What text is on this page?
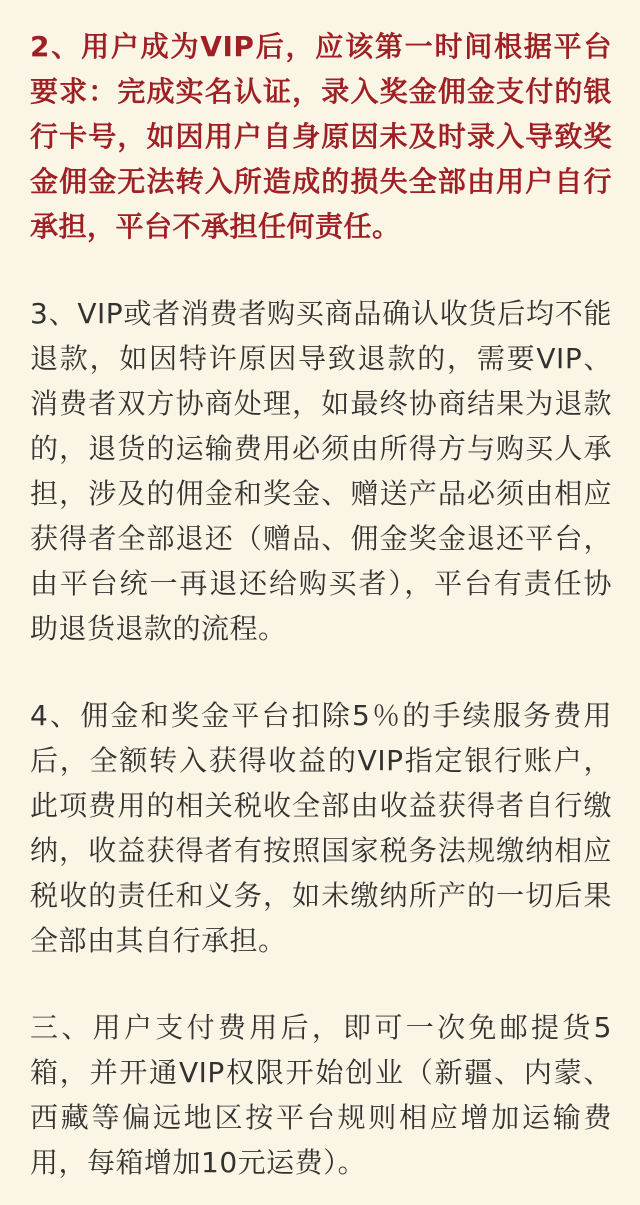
2、用户成为VIP后，应该第一时间根据平台要求：完成实名认证，录入奖金佣金支付的银行卡号，如因用户自身原因未及时录入导致奖金佣金无法转入所造成的损失全部由用户自行承担，平台不承担任何责任。

3、VIP或者消费者购买商品确认收货后均不能退款，如因特许原因导致退款的，需要VIP、消费者双方协商处理，如最终协商结果为退款的，退货的运输费用必须由所得方与购买人承担，涉及的佣金和奖金、赠送产品必须由相应获得者全部退还（赠品、佣金奖金退还平台，由平台统一再退还给购买者），平台有责任协助退货退款的流程。

4、佣金和奖金平台扣除5％的手续服务费用后，全额转入获得收益的VIP指定银行账户，此项费用的相关税收全部由收益获得者自行缴纳，收益获得者有按照国家税务法规缴纳相应税收的责任和义务，如未缴纳所产的一切后果全部由其自行承担。

三、用户支付费用后，即可一次免邮提货5箱，并开通VIP权限开始创业（新疆、内蒙、西藏等偏远地区按平台规则相应增加运输费用，每箱增加10元运费）。
